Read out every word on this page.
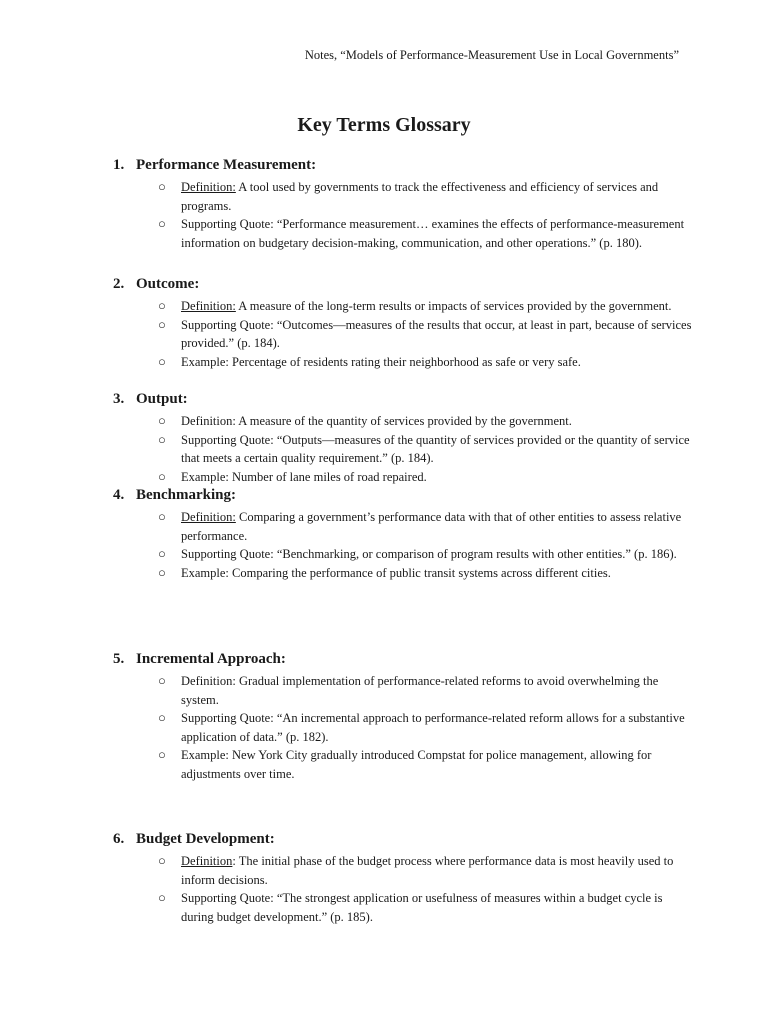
Notes, “Models of Performance-Measurement Use in Local Governments”
Key Terms Glossary
1. Performance Measurement:
○ Definition: A tool used by governments to track the effectiveness and efficiency of services and programs.
○ Supporting Quote: “Performance measurement… examines the effects of performance-measurement information on budgetary decision-making, communication, and other operations.” (p. 180).
2. Outcome:
○ Definition: A measure of the long-term results or impacts of services provided by the government.
○ Supporting Quote: “Outcomes—measures of the results that occur, at least in part, because of services provided.” (p. 184).
○ Example: Percentage of residents rating their neighborhood as safe or very safe.
3. Output:
○ Definition: A measure of the quantity of services provided by the government.
○ Supporting Quote: “Outputs—measures of the quantity of services provided or the quantity of service that meets a certain quality requirement.” (p. 184).
○ Example: Number of lane miles of road repaired.
4. Benchmarking:
○ Definition: Comparing a government’s performance data with that of other entities to assess relative performance.
○ Supporting Quote: “Benchmarking, or comparison of program results with other entities.” (p. 186).
○ Example: Comparing the performance of public transit systems across different cities.
5. Incremental Approach:
○ Definition: Gradual implementation of performance-related reforms to avoid overwhelming the system.
○ Supporting Quote: “An incremental approach to performance-related reform allows for a substantive application of data.” (p. 182).
○ Example: New York City gradually introduced Compstat for police management, allowing for adjustments over time.
6. Budget Development:
○ Definition: The initial phase of the budget process where performance data is most heavily used to inform decisions.
○ Supporting Quote: “The strongest application or usefulness of measures within a budget cycle is during budget development.” (p. 185).
